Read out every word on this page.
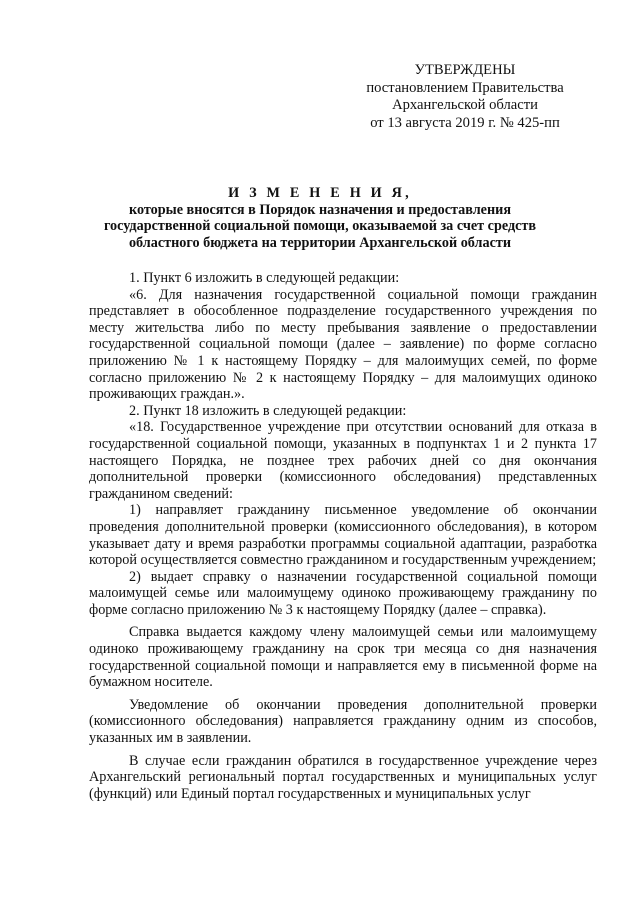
УТВЕРЖДЕНЫ
постановлением Правительства
Архангельской области
от 13 августа 2019 г. № 425-пп
И З М Е Н Е Н И Я,
которые вносятся в Порядок назначения и предоставления
государственной социальной помощи, оказываемой за счет средств
областного бюджета на территории Архангельской области

1. Пункт 6 изложить в следующей редакции:

«6. Для назначения государственной социальной помощи гражданин представляет в обособленное подразделение государственного учреждения по месту жительства либо по месту пребывания заявление о предоставлении государственной социальной помощи (далее – заявление) по форме согласно приложению № 1 к настоящему Порядку – для малоимущих семей, по форме согласно приложению № 2 к настоящему Порядку – для малоимущих одиноко проживающих граждан.».

2. Пункт 18 изложить в следующей редакции:

«18. Государственное учреждение при отсутствии оснований для отказа в государственной социальной помощи, указанных в подпунктах 1 и 2 пункта 17 настоящего Порядка, не позднее трех рабочих дней со дня окончания дополнительной проверки (комиссионного обследования) представленных гражданином сведений:

1) направляет гражданину письменное уведомление об окончании проведения дополнительной проверки (комиссионного обследования), в котором указывает дату и время разработки программы социальной адаптации, разработка которой осуществляется совместно гражданином и государственным учреждением;

2) выдает справку о назначении государственной социальной помощи малоимущей семье или малоимущему одиноко проживающему гражданину по форме согласно приложению № 3 к настоящему Порядку (далее – справка).

Справка выдается каждому члену малоимущей семьи или малоимущему одиноко проживающему гражданину на срок три месяца со дня назначения государственной социальной помощи и направляется ему в письменной форме на бумажном носителе.

Уведомление об окончании проведения дополнительной проверки (комиссионного обследования) направляется гражданину одним из способов, указанных им в заявлении.

В случае если гражданин обратился в государственное учреждение через Архангельский региональный портал государственных и муниципальных услуг (функций) или Единый портал государственных и муниципальных услуг
